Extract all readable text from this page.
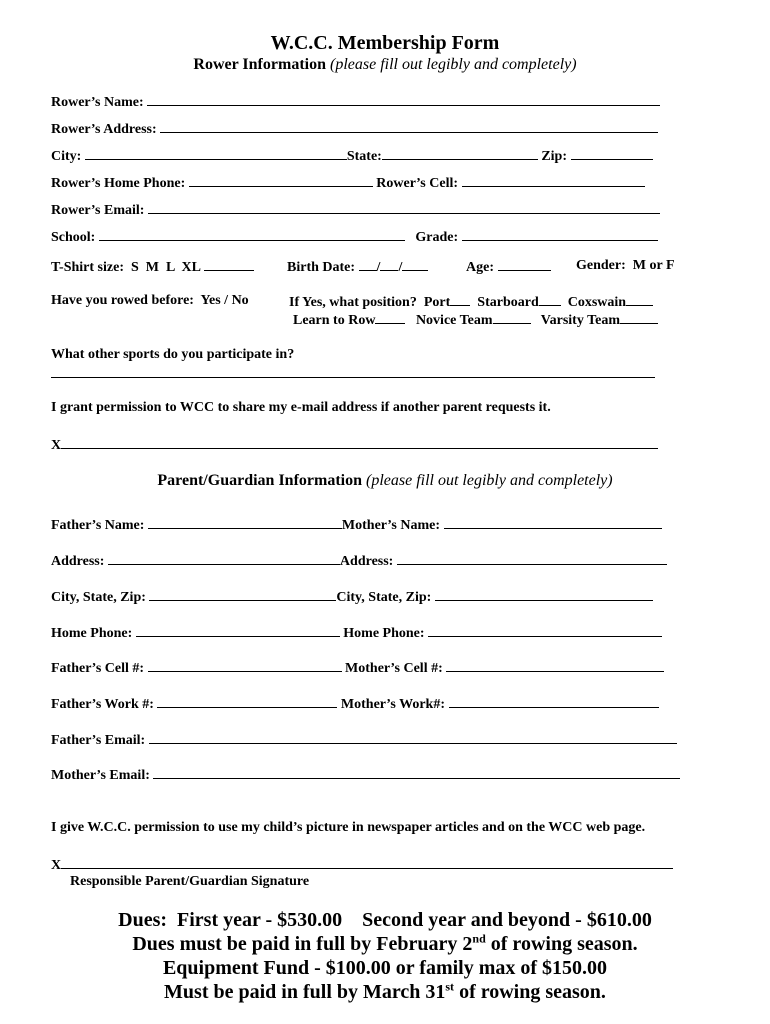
W.C.C. Membership Form
Rower Information (please fill out legibly and completely)
Rower’s Name:
Rower’s Address:
City:	State:	Zip:
Rower’s Home Phone:	Rower’s Cell:
Rower’s Email:
School:	Grade:
T-Shirt size: S  M  L  XL	Birth Date: / /	Age:	Gender: M or F
Have you rowed before: Yes / No	If Yes, what position? Port Starboard Coxswain
Learn to Row	Novice Team	Varsity Team
What other sports do you participate in?
I grant permission to WCC to share my e-mail address if another parent requests it.
X
Parent/Guardian Information (please fill out legibly and completely)
Father’s Name:	Mother’s Name:
Address:	Address:
City, State, Zip:	City, State, Zip:
Home Phone:	Home Phone:
Father’s Cell #:	Mother’s Cell #:
Father’s Work #:	Mother’s Work#:
Father’s Email:
Mother’s Email:
I give W.C.C. permission to use my child’s picture in newspaper articles and on the WCC web page.
X
Responsible Parent/Guardian Signature
Dues:  First year - $530.00    Second year and beyond - $610.00
Dues must be paid in full by February 2nd of rowing season.
Equipment Fund - $100.00 or family max of $150.00
Must be paid in full by March 31st of rowing season.
